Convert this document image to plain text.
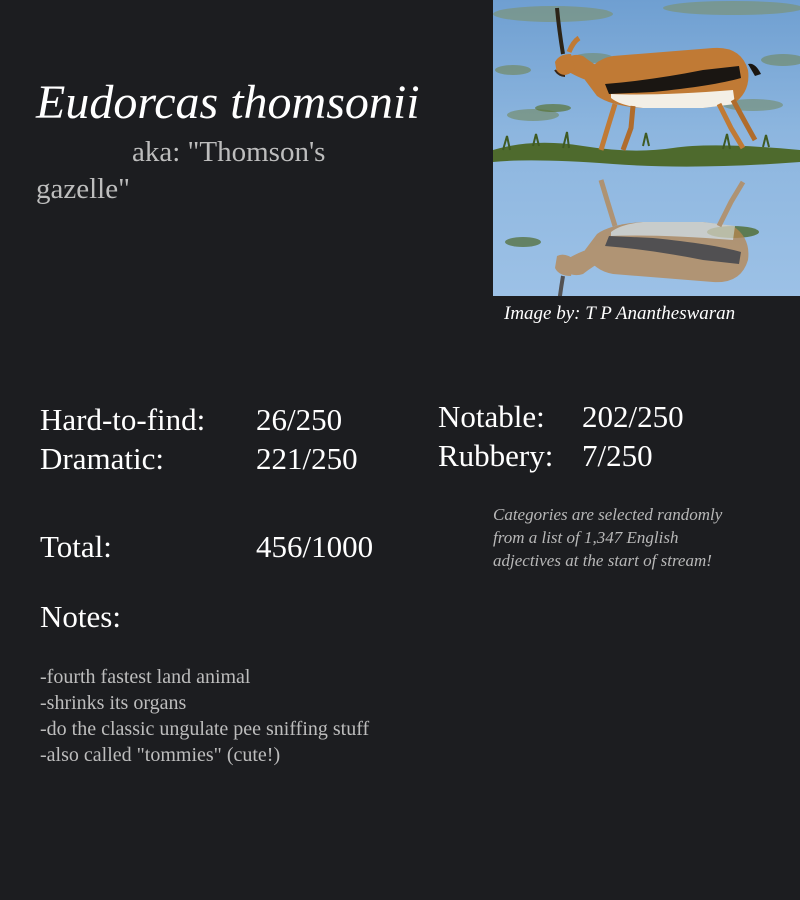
Eudorcas thomsonii
aka: "Thomson's gazelle"
Image by: T P Anantheswaran
Hard-to-find: 26/250
Dramatic:	221/250
Notable: 202/250
Rubbery: 7/250
Total:	456/1000
Categories are selected randomly from a list of 1,347 English adjectives at the start of stream!
Notes:
-fourth fastest land animal
-shrinks its organs
-do the classic ungulate pee sniffing stuff
-also called "tommies" (cute!)
